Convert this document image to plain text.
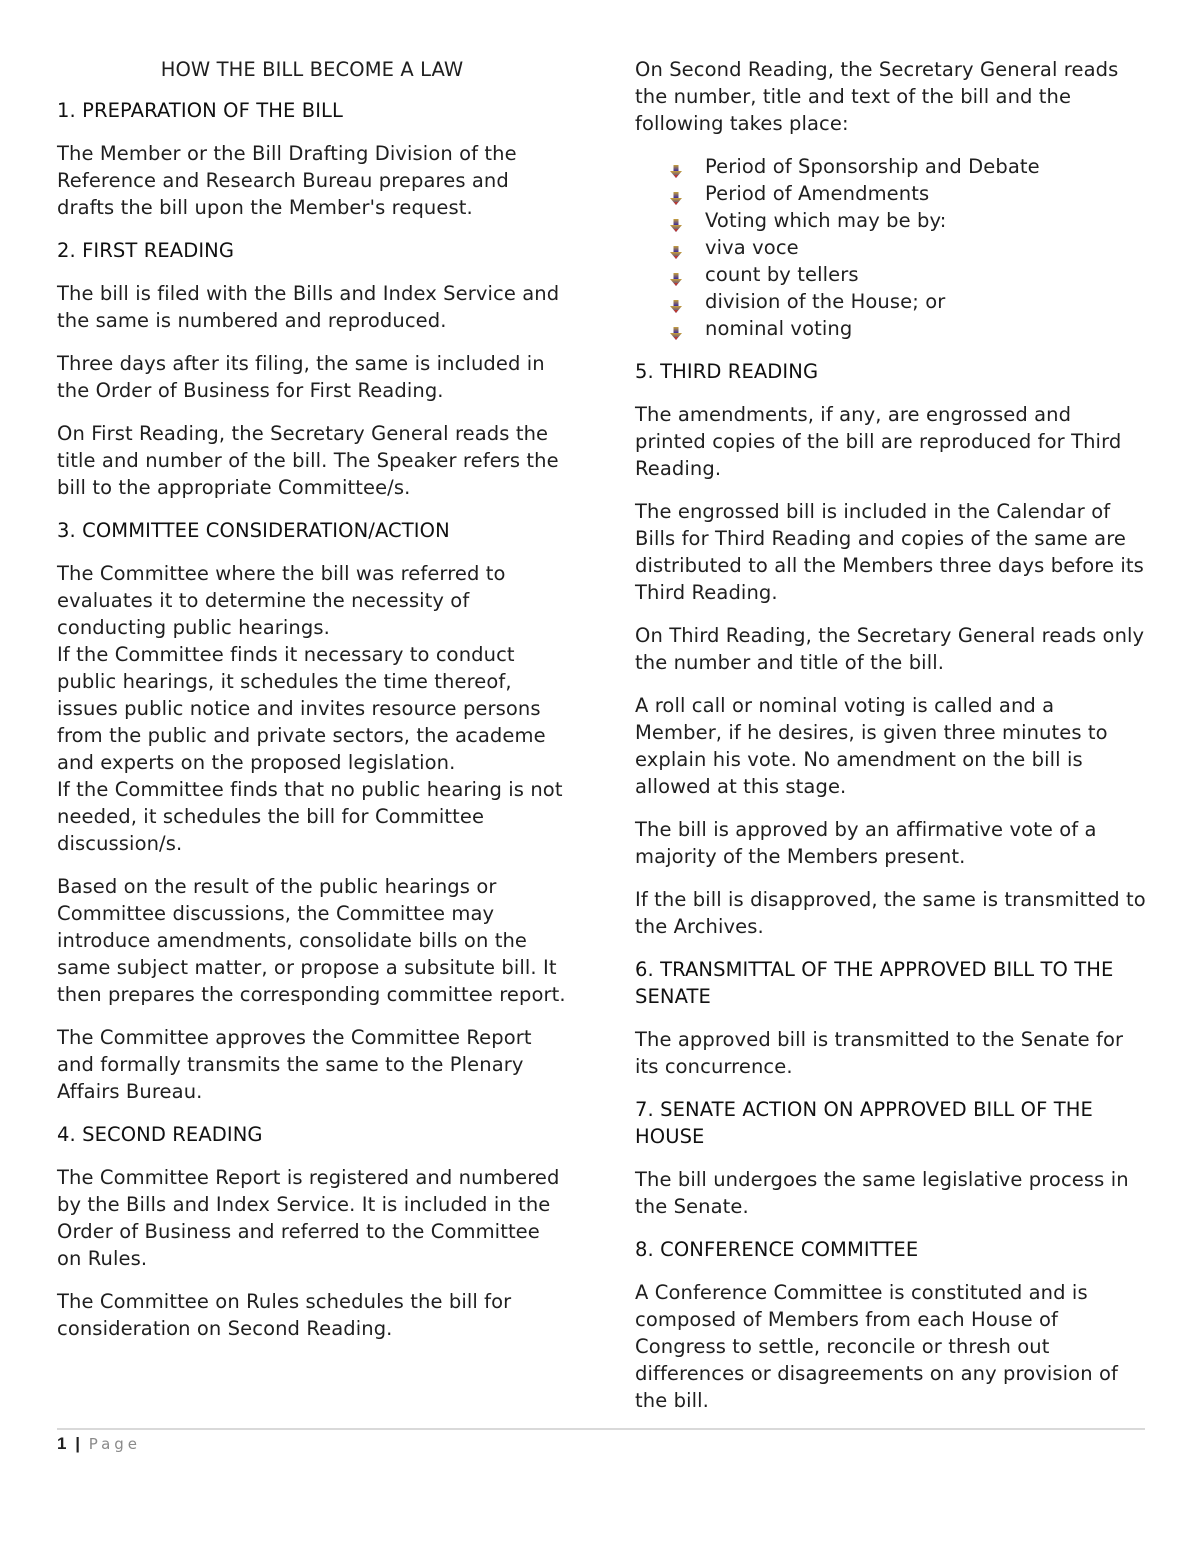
HOW THE BILL BECOME A LAW
1. PREPARATION OF THE BILL

The Member or the Bill Drafting Division of the Reference and Research Bureau prepares and drafts the bill upon the Member's request.

2. FIRST READING

The bill is filed with the Bills and Index Service and the same is numbered and reproduced.

Three days after its filing, the same is included in the Order of Business for First Reading.

On First Reading, the Secretary General reads the title and number of the bill. The Speaker refers the bill to the appropriate Committee/s.

3. COMMITTEE CONSIDERATION/ACTION

The Committee where the bill was referred to evaluates it to determine the necessity of conducting public hearings.

If the Committee finds it necessary to conduct public hearings, it schedules the time thereof, issues public notice and invites resource persons from the public and private sectors, the academe and experts on the proposed legislation.

If the Committee finds that no public hearing is not needed, it schedules the bill for Committee discussion/s.

Based on the result of the public hearings or Committee discussions, the Committee may introduce amendments, consolidate bills on the same subject matter, or propose a subsitute bill. It then prepares the corresponding committee report.

The Committee approves the Committee Report and formally transmits the same to the Plenary Affairs Bureau.

4. SECOND READING

The Committee Report is registered and numbered by the Bills and Index Service. It is included in the Order of Business and referred to the Committee on Rules.

The Committee on Rules schedules the bill for consideration on Second Reading.

On Second Reading, the Secretary General reads the number, title and text of the bill and the following takes place:

Period of Sponsorship and Debate
Period of Amendments
Voting which may be by:
viva voce
count by tellers
division of the House; or
nominal voting
5. THIRD READING

The amendments, if any, are engrossed and printed copies of the bill are reproduced for Third Reading.

The engrossed bill is included in the Calendar of Bills for Third Reading and copies of the same are distributed to all the Members three days before its Third Reading.

On Third Reading, the Secretary General reads only the number and title of the bill.

A roll call or nominal voting is called and a Member, if he desires, is given three minutes to explain his vote. No amendment on the bill is allowed at this stage.

The bill is approved by an affirmative vote of a majority of the Members present.

If the bill is disapproved, the same is transmitted to the Archives.

6. TRANSMITTAL OF THE APPROVED BILL TO THE SENATE

The approved bill is transmitted to the Senate for its concurrence.

7. SENATE ACTION ON APPROVED BILL OF THE HOUSE

The bill undergoes the same legislative process in the Senate.

8. CONFERENCE COMMITTEE

A Conference Committee is constituted and is composed of Members from each House of Congress to settle, reconcile or thresh out differences or disagreements on any provision of the bill.

1 | Page
